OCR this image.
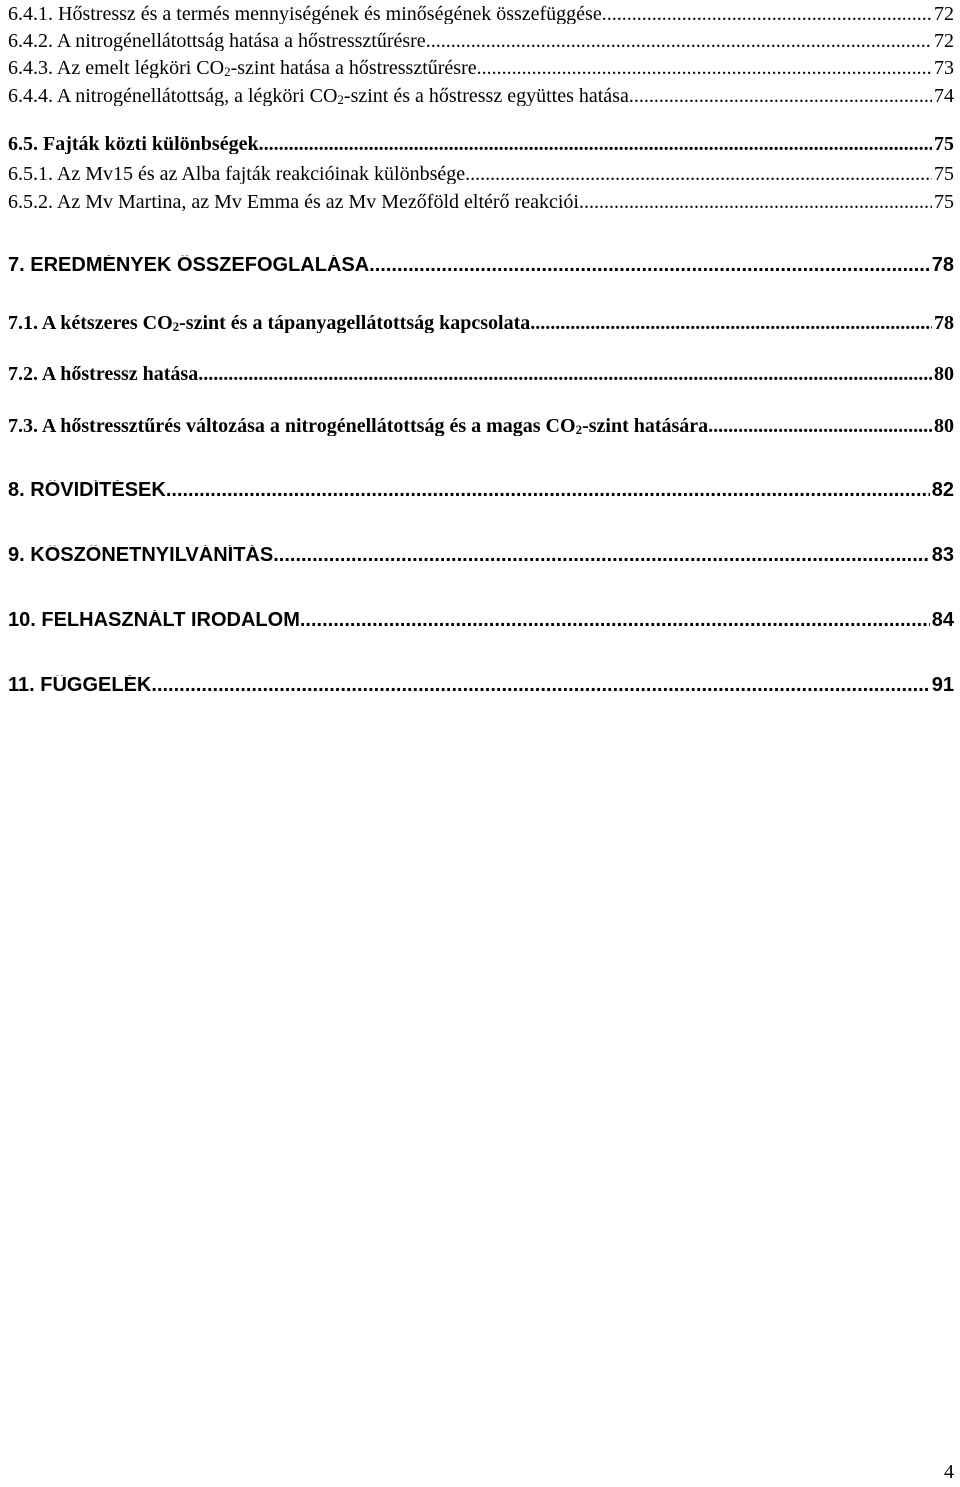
6.4.1. Hőstressz és a termés mennyiségének és minőségének összefüggése .....	72
6.4.2. A nitrogénellátottság hatása a hőstressztűrésre .....	72
6.4.3. Az emelt légköri $CO_2$-szint hatása a hőstressztűrésre .....	73
6.4.4. A nitrogénellátottság, a légköri $CO_2$-szint és a hőstressz együttes hatása .....	74
6.5. Fajták közti különbségek .....	75
6.5.1. Az Mv15 és az Alba fajták reakcióinak különbsége .....	75
6.5.2. Az Mv Martina, az Mv Emma és az Mv Mezőföld eltérő reakciói .....	75
7. EREDMÉNYEK ÖSSZEFOGLALÁSA .....	78
7.1. A kétszeres $CO_2$-szint és a tápanyagellátottság kapcsolata .....	78
7.2. A hőstressz hatása .....	80
7.3. A hőstressztűrés változása a nitrogénellátottság és a magas $CO_2$-szint hatására .....	80
8. RÖVIDÍTÉSEK .....	82
9. KÖSZÖNETNYILVÁNÍTÁS .....	83
10. FELHASZNÁLT IRODALOM .....	84
11. FÜGGELÉK .....	91
4
